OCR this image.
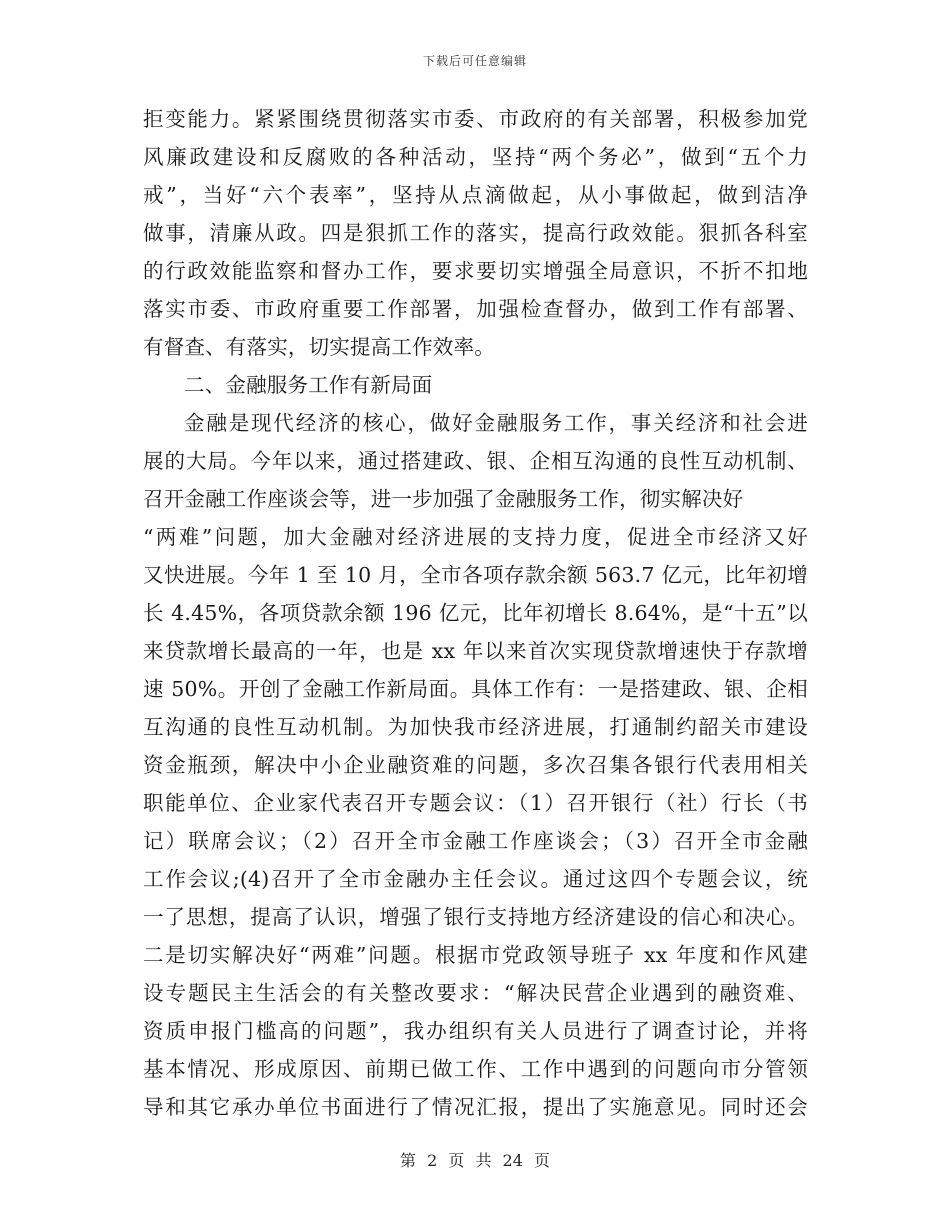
下载后可任意编辑
拒变能力。紧紧围绕贯彻落实市委、市政府的有关部署，积极参加党
风廉政建设和反腐败的各种活动，坚持“两个务必”，做到“五个力
戒”，当好“六个表率”，坚持从点滴做起，从小事做起，做到洁净
做事，清廉从政。四是狠抓工作的落实，提高行政效能。狠抓各科室
的行政效能监察和督办工作，要求要切实增强全局意识，不折不扣地
落实市委、市政府重要工作部署，加强检查督办，做到工作有部署、
有督查、有落实，切实提高工作效率。
二、金融服务工作有新局面
金融是现代经济的核心，做好金融服务工作，事关经济和社会进
展的大局。今年以来，通过搭建政、银、企相互沟通的良性互动机制、
召开金融工作座谈会等，进一步加强了金融服务工作，彻实解决好
“两难”问题，加大金融对经济进展的支持力度，促进全市经济又好
又快进展。今年 1 至 10 月，全市各项存款余额 563.7 亿元，比年初增
长 4.45%，各项贷款余额 196 亿元，比年初增长 8.64%，是“十五”以
来贷款增长最高的一年，也是 xx 年以来首次实现贷款增速快于存款增
速 50%。开创了金融工作新局面。具体工作有：一是搭建政、银、企相
互沟通的良性互动机制。为加快我市经济进展，打通制约韶关市建设
资金瓶颈，解决中小企业融资难的问题，多次召集各银行代表用相关
职能单位、企业家代表召开专题会议：（1）召开银行（社）行长（书
记）联席会议；（2）召开全市金融工作座谈会；（3）召开全市金融
工作会议;(4)召开了全市金融办主任会议。通过这四个专题会议，统
一了思想，提高了认识，增强了银行支持地方经济建设的信心和决心。
二是切实解决好“两难”问题。根据市党政领导班子 xx 年度和作风建
设专题民主生活会的有关整改要求：“解决民营企业遇到的融资难、
资质申报门槛高的问题”，我办组织有关人员进行了调查讨论，并将
基本情况、形成原因、前期已做工作、工作中遇到的问题向市分管领
导和其它承办单位书面进行了情况汇报，提出了实施意见。同时还会
第 2 页 共 24 页
